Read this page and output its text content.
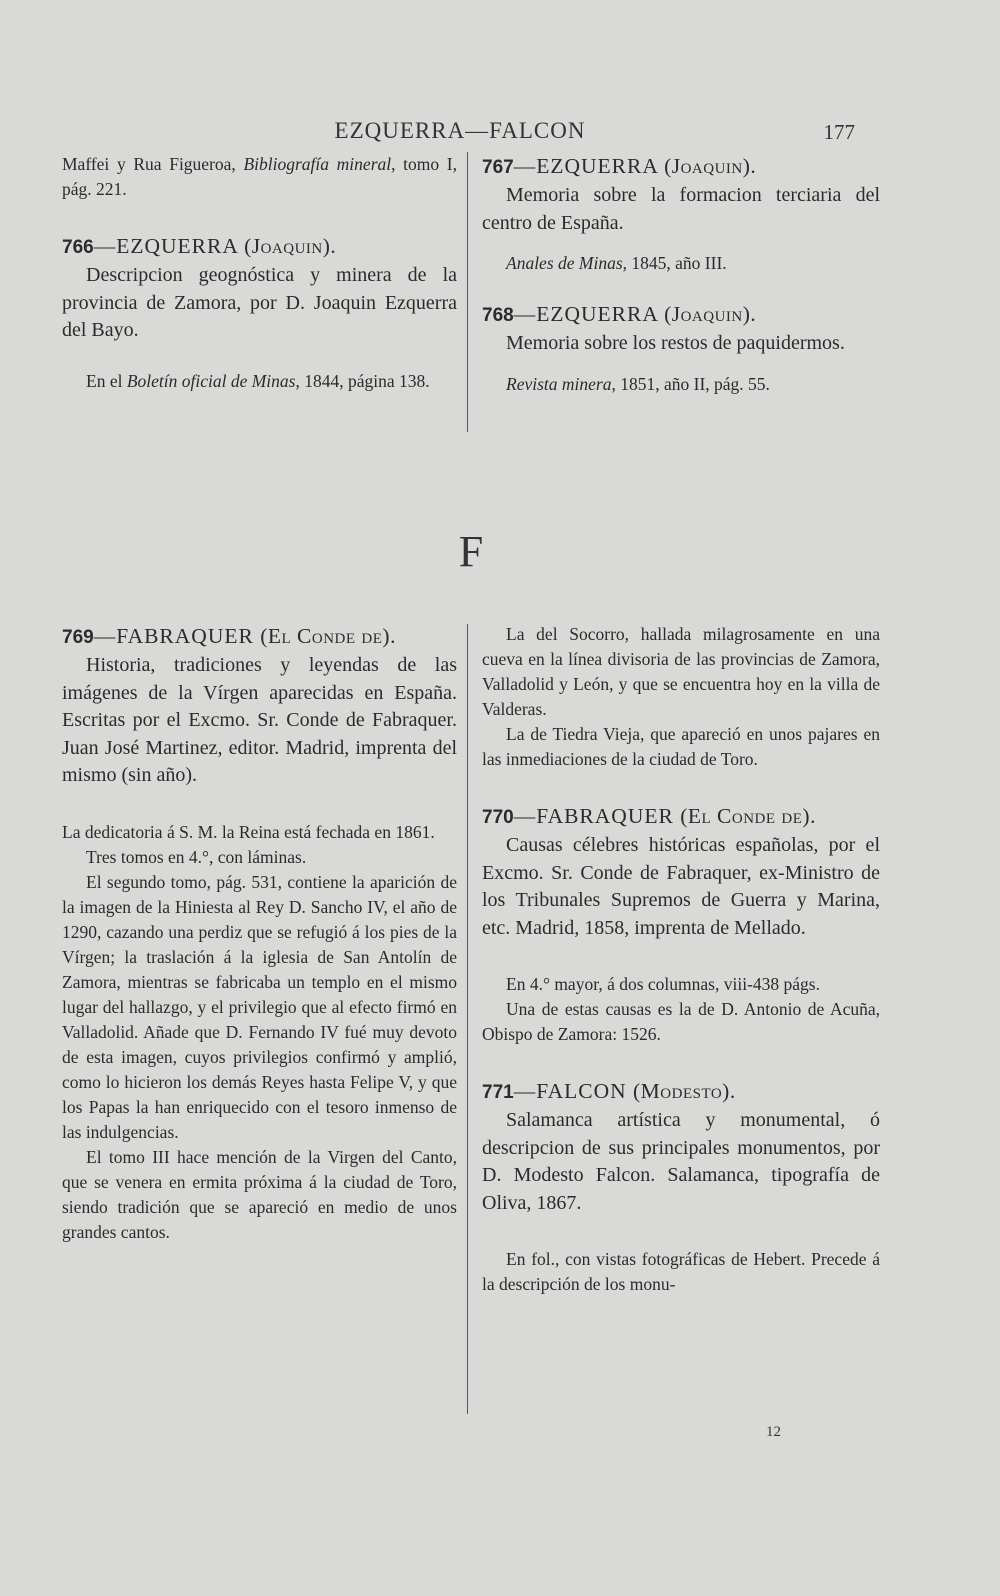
EZQUERRA—FALCON	177

Maffei y Rua Figueroa, Bibliografía mineral, tomo I, pág. 221.

766—EZQUERRA (Joaquin).

Descripcion geognóstica y minera de la provincia de Zamora, por D. Joaquin Ezquerra del Bayo.

En el Boletín oficial de Minas, 1844, página 138.

767—EZQUERRA (Joaquin).

Memoria sobre la formacion terciaria del centro de España.

Anales de Minas, 1845, año III.

768—EZQUERRA (Joaquin).

Memoria sobre los restos de paquidermos.

Revista minera, 1851, año II, pág. 55.

F

769—FABRAQUER (El Conde de).

Historia, tradiciones y leyendas de las imágenes de la Vírgen aparecidas en España. Escritas por el Excmo. Sr. Conde de Fabraquer. Juan José Martinez, editor. Madrid, imprenta del mismo (sin año).

La dedicatoria á S. M. la Reina está fechada en 1861.

Tres tomos en 4.°, con láminas.

El segundo tomo, pág. 531, contiene la aparición de la imagen de la Hiniesta al Rey D. Sancho IV, el año de 1290, cazando una perdiz que se refugió á los pies de la Vírgen; la traslación á la iglesia de San Antolín de Zamora, mientras se fabricaba un templo en el mismo lugar del hallazgo, y el privilegio que al efecto firmó en Valladolid. Añade que D. Fernando IV fué muy devoto de esta imagen, cuyos privilegios confirmó y amplió, como lo hicieron los demás Reyes hasta Felipe V, y que los Papas la han enriquecido con el tesoro inmenso de las indulgencias.

El tomo III hace mención de la Virgen del Canto, que se venera en ermita próxima á la ciudad de Toro, siendo tradición que se apareció en medio de unos grandes cantos.

La del Socorro, hallada milagrosamente en una cueva en la línea divisoria de las provincias de Zamora, Valladolid y León, y que se encuentra hoy en la villa de Valderas.

La de Tiedra Vieja, que apareció en unos pajares en las inmediaciones de la ciudad de Toro.

770—FABRAQUER (El Conde de).

Causas célebres históricas españolas, por el Excmo. Sr. Conde de Fabraquer, ex-Ministro de los Tribunales Supremos de Guerra y Marina, etc. Madrid, 1858, imprenta de Mellado.

En 4.° mayor, á dos columnas, viii-438 págs.

Una de estas causas es la de D. Antonio de Acuña, Obispo de Zamora: 1526.

771—FALCON (Modesto).

Salamanca artística y monumental, ó descripcion de sus principales monumentos, por D. Modesto Falcon. Salamanca, tipografía de Oliva, 1867.

En fol., con vistas fotográficas de Hebert. Precede á la descripción de los monu-

12
